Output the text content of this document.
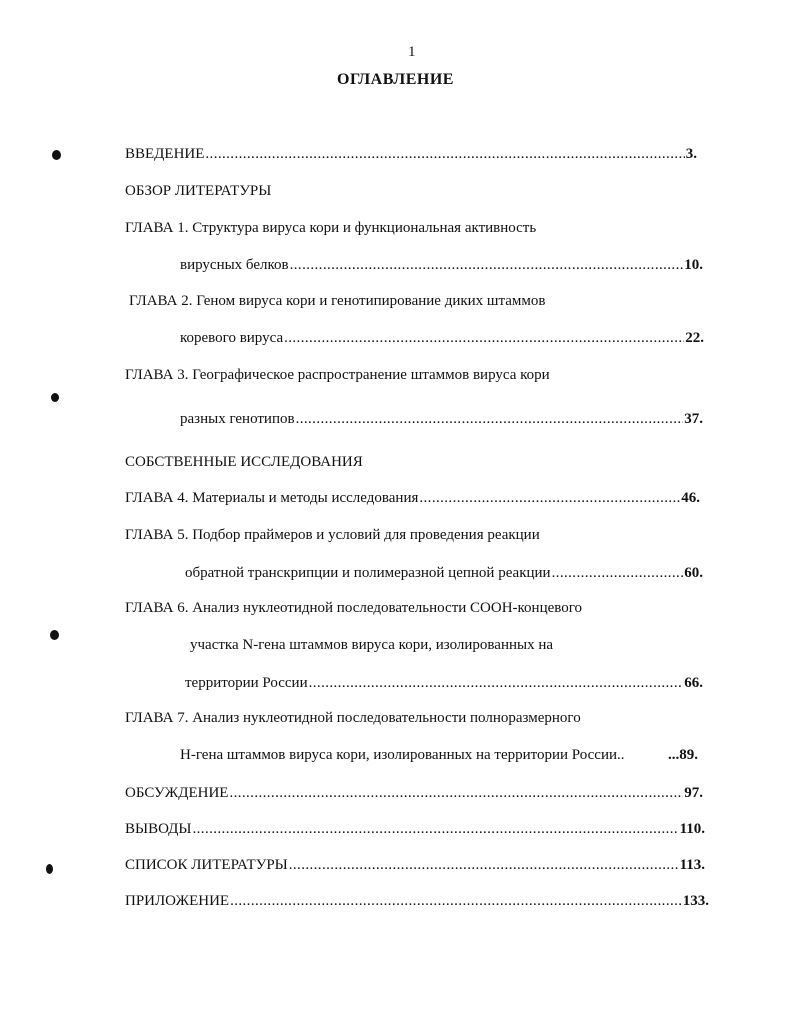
1
ОГЛАВЛЕНИЕ
ВВЕДЕНИЕ .....	3.
ОБЗОР ЛИТЕРАТУРЫ
ГЛАВА 1. Структура вируса кори и функциональная активность
вирусных белков .....	10.
ГЛАВА 2. Геном вируса кори и генотипирование диких штаммов
коревого вируса .....	22.
ГЛАВА 3. Географическое распространение штаммов вируса кори
разных генотипов .....	37.
СОБСТВЕННЫЕ ИССЛЕДОВАНИЯ
ГЛАВА 4. Материалы и методы исследования .....	46.
ГЛАВА 5. Подбор праймеров и условий для проведения реакции
обратной транскрипции и полимеразной цепной реакции .....	60.
ГЛАВА 6. Анализ нуклеотидной последовательности СООН-концевого
участка N-гена штаммов вируса кори, изолированных на
территории России .....	66.
ГЛАВА 7. Анализ нуклеотидной последовательности полноразмерного
Н-гена штаммов вируса кори, изолированных на территории России..	...89.
ОБСУЖДЕНИЕ .....	97.
ВЫВОДЫ .....	110.
СПИСОК ЛИТЕРАТУРЫ .....	113.
ПРИЛОЖЕНИЕ .....	133.
